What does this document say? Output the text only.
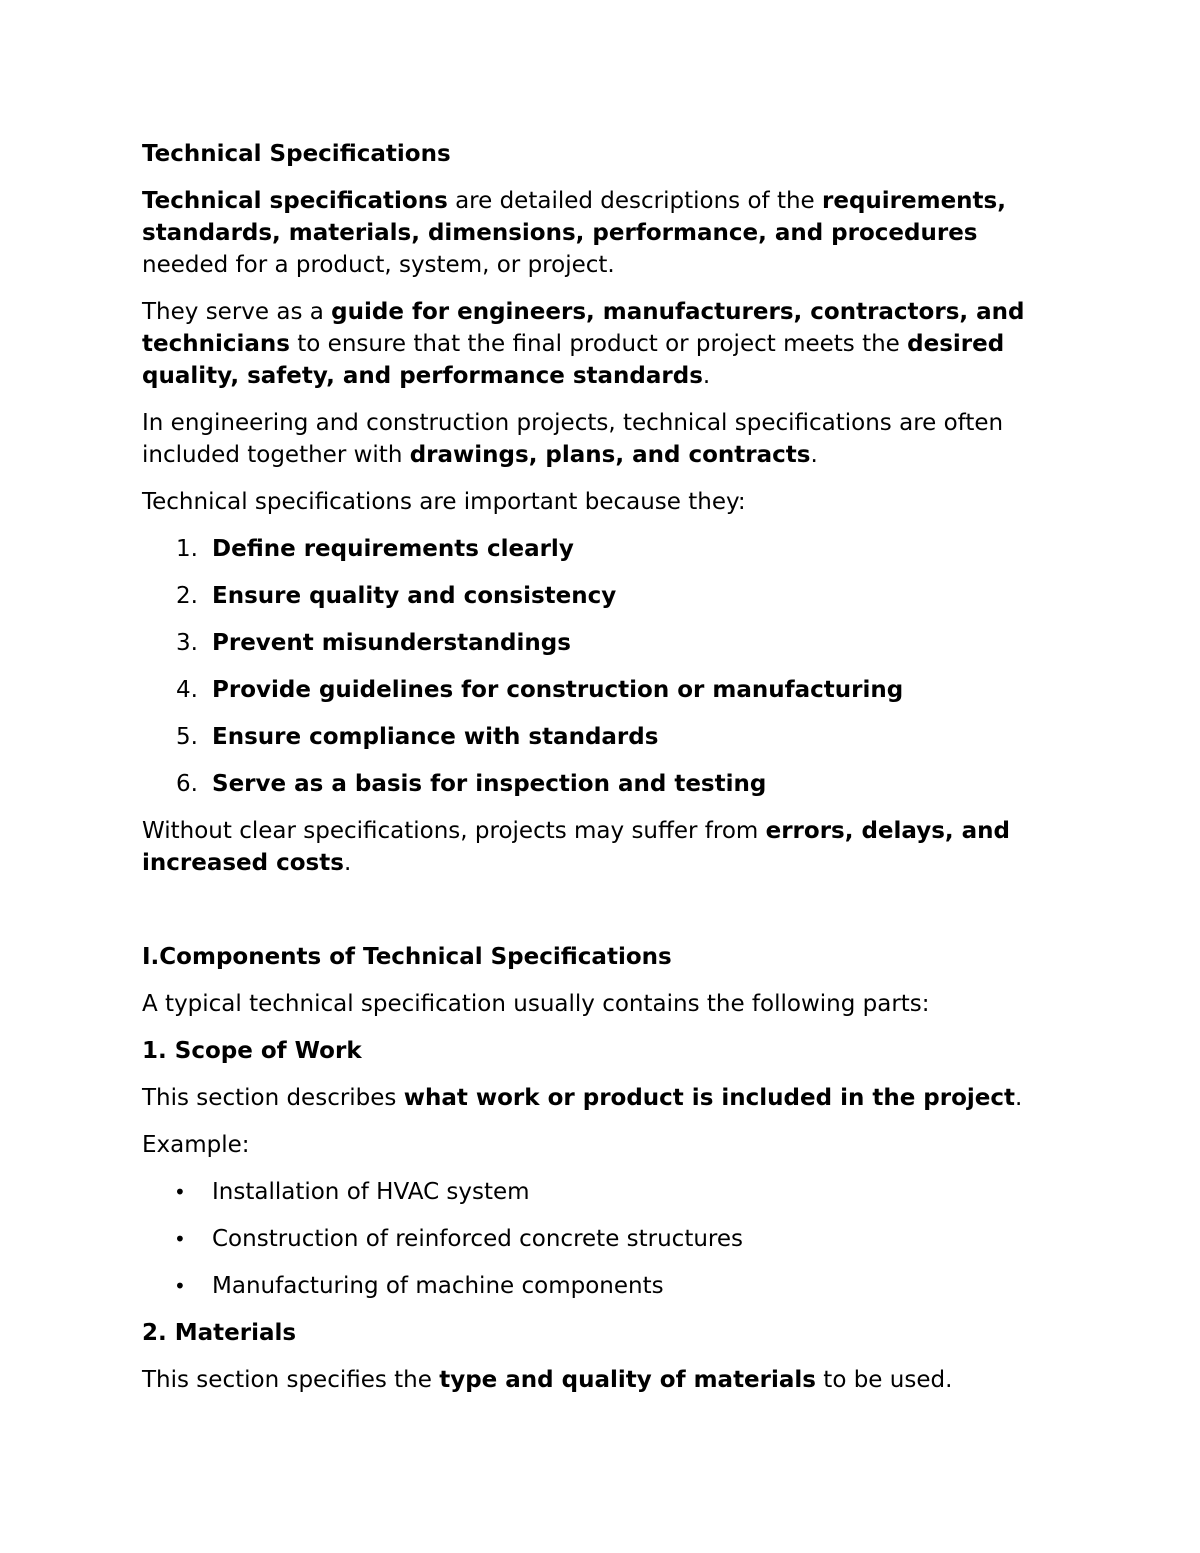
Technical Specifications

Technical specifications are detailed descriptions of the requirements, standards, materials, dimensions, performance, and procedures needed for a product, system, or project.

They serve as a guide for engineers, manufacturers, contractors, and technicians to ensure that the final product or project meets the desired quality, safety, and performance standards.

In engineering and construction projects, technical specifications are often included together with drawings, plans, and contracts.

Technical specifications are important because they:

1. Define requirements clearly
2. Ensure quality and consistency
3. Prevent misunderstandings
4. Provide guidelines for construction or manufacturing
5. Ensure compliance with standards
6. Serve as a basis for inspection and testing

Without clear specifications, projects may suffer from errors, delays, and increased costs.

I.Components of Technical Specifications

A typical technical specification usually contains the following parts:

1. Scope of Work

This section describes what work or product is included in the project.

Example:

• Installation of HVAC system
• Construction of reinforced concrete structures
• Manufacturing of machine components

2. Materials

This section specifies the type and quality of materials to be used.
